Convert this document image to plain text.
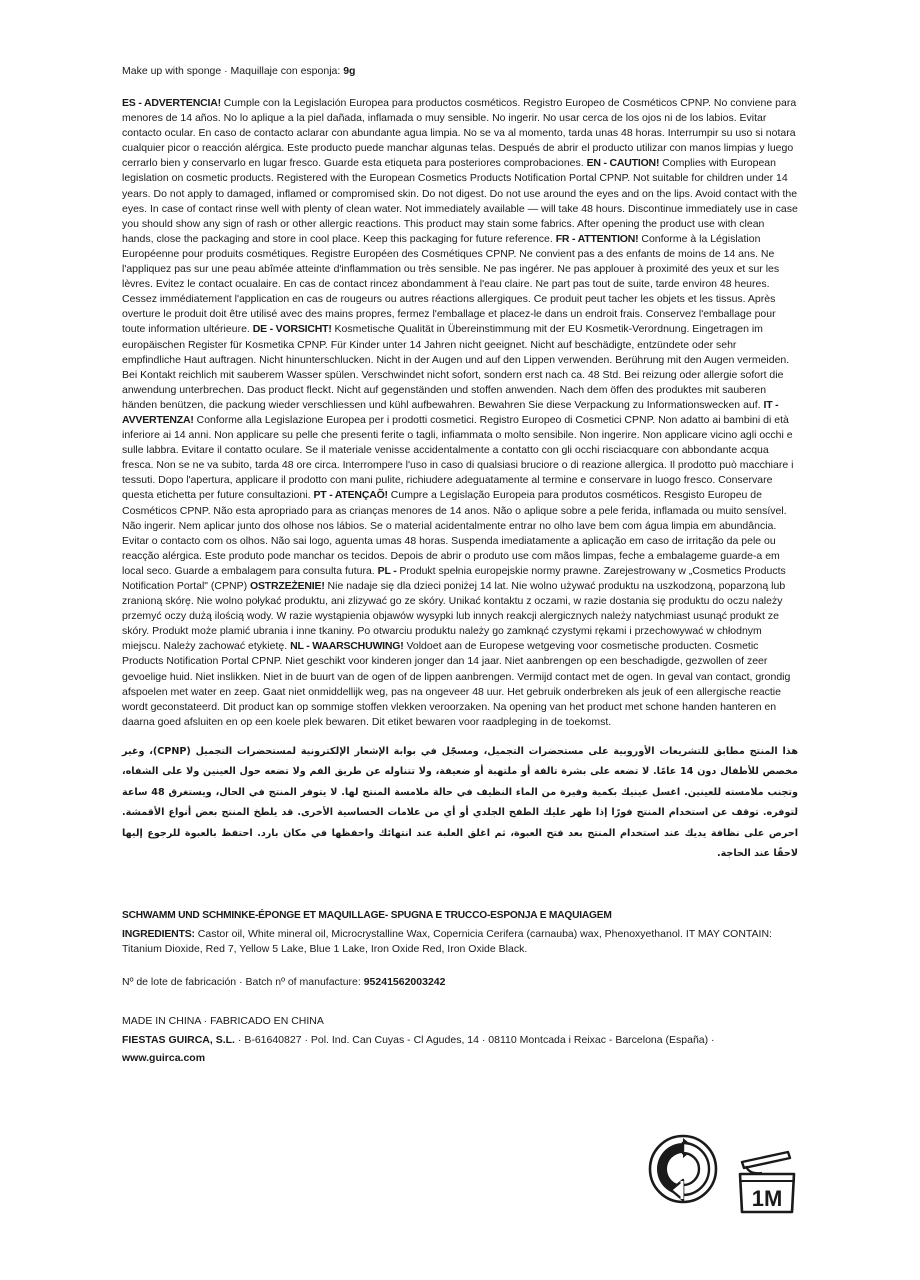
Make up with sponge · Maquillaje con esponja: 9g

ES - ADVERTENCIA! Cumple con la Legislación Europea para productos cosméticos. Registro Europeo de Cosméticos CPNP. No conviene para menores de 14 años. No lo aplique a la piel dañada, inflamada o muy sensible. No ingerir. No usar cerca de los ojos ni de los labios. Evitar contacto ocular. En caso de contacto aclarar con abundante agua limpia. No se va al momento, tarda unas 48 horas. Interrumpir su uso si notara cualquier picor o reacción alérgica. Este producto puede manchar algunas telas. Después de abrir el producto utilizar con manos limpias y luego cerrarlo bien y conservarlo en lugar fresco. Guarde esta etiqueta para posteriores comprobaciones. EN - CAUTION! Complies with European legislation on cosmetic products. Registered with the European Cosmetics Products Notification Portal CPNP. Not suitable for children under 14 years. Do not apply to damaged, inflamed or compromised skin. Do not digest. Do not use around the eyes and on the lips. Avoid contact with the eyes. In case of contact rinse well with plenty of clean water. Not immediately available — will take 48 hours. Discontinue immediately use in case you should show any sign of rash or other allergic reactions. This product may stain some fabrics. After opening the product use with clean hands, close the packaging and store in cool place. Keep this packaging for future reference. FR - ATTENTION! Conforme à la Législation Européenne pour produits cosmétiques. Registre Européen des Cosmétiques CPNP. Ne convient pas a des enfants de moins de 14 ans. Ne l'appliquez pas sur une peau abîmée atteinte d'inflammation ou très sensible. Ne pas ingérer. Ne pas applouer à proximité des yeux et sur les lèvres. Evitez le contact ocualaire. En cas de contact rincez abondamment à l'eau claire. Ne part pas tout de suite, tarde environ 48 heures. Cessez immédiatement l'application en cas de rougeurs ou autres réactions allergiques. Ce produit peut tacher les objets et les tissus. Après overture le produit doit être utilisé avec des mains propres, fermez l'emballage et placez-le dans un endroit frais. Conservez l'emballage pour toute information ultérieure. DE - VORSICHT! Kosmetische Qualität in Übereinstimmung mit der EU Kosmetik-Verordnung. Eingetragen im europäischen Register für Kosmetika CPNP. Für Kinder unter 14 Jahren nicht geeignet. Nicht auf beschädigte, entzündete oder sehr empfindliche Haut auftragen. Nicht hinunterschlucken. Nicht in der Augen und auf den Lippen verwenden. Berührung mit den Augen vermeiden. Bei Kontakt reichlich mit sauberem Wasser spülen. Verschwindet nicht sofort, sondern erst nach ca. 48 Std. Bei reizung oder allergie sofort die anwendung unterbrechen. Das product fleckt. Nicht auf gegenständen und stoffen anwenden. Nach dem öffen des produktes mit sauberen händen benützen, die packung wieder verschliessen und kühl aufbewahren. Bewahren Sie diese Verpackung zu Informationswecken auf. IT - AVVERTENZA! Conforme alla Legislazione Europea per i prodotti cosmetici. Registro Europeo di Cosmetici CPNP. Non adatto ai bambini di età inferiore ai 14 anni. Non applicare su pelle che presenti ferite o tagli, infiammata o molto sensibile. Non ingerire. Non applicare vicino agli occhi e sulle labbra. Evitare il contatto oculare. Se il materiale venisse accidentalmente a contatto con gli occhi risciacquare con abbondante acqua fresca. Non se ne va subito, tarda 48 ore circa. Interrompere l'uso in caso di qualsiasi bruciore o di reazione allergica. Il prodotto può macchiare i tessuti. Dopo l'apertura, applicare il prodotto con mani pulite, richiudere adeguatamente al termine e conservare in luogo fresco. Conservare questa etichetta per future consultazioni. PT - ATENÇAÕ! Cumpre a Legislação Europeia para produtos cosméticos. Resgisto Europeu de Cosméticos CPNP. Não esta apropriado para as crianças menores de 14 anos. Não o aplique sobre a pele ferida, inflamada ou muito sensível. Não ingerir. Nem aplicar junto dos olhose nos lábios. Se o material acidentalmente entrar no olho lave bem com água limpia em abundância. Evitar o contacto com os olhos. Não sai logo, aguenta umas 48 horas. Suspenda imediatamente a aplicação em caso de irritação da pele ou reacção alérgica. Este produto pode manchar os tecidos. Depois de abrir o produto use com mãos limpas, feche a embalageme guarde-a em local seco. Guarde a embalagem para consulta futura. PL - Produkt spełnia europejskie normy prawne. Zarejestrowany w „Cosmetics Products Notification Portal" (CPNP) OSTRZEŻENIE! Nie nadaje się dla dzieci poniżej 14 lat. Nie wolno używać produktu na uszkodzoną, poparzoną lub zranioną skórę. Nie wolno połykać produktu, ani zlizywać go ze skóry. Unikać kontaktu z oczami, w razie dostania się produktu do oczu należy przemyć oczy dużą ilością wody. W razie wystąpienia objawów wysypki lub innych reakcji alergicznych należy natychmiast usunąć produkt ze skóry. Produkt może plamić ubrania i inne tkaniny. Po otwarciu produktu należy go zamknąć czystymi rękami i przechowywać w chłodnym miejscu. Należy zachować etykietę. NL - WAARSCHUWING! Voldoet aan de Europese wetgeving voor cosmetische producten. Cosmetic Products Notification Portal CPNP. Niet geschikt voor kinderen jonger dan 14 jaar. Niet aanbrengen op een beschadigde, gezwollen of zeer gevoelige huid. Niet inslikken. Niet in de buurt van de ogen of de lippen aanbrengen. Vermijd contact met de ogen. In geval van contact, grondig afspoelen met water en zeep. Gaat niet onmiddellijk weg, pas na ongeveer 48 uur. Het gebruik onderbreken als jeuk of een allergische reactie wordt geconstateerd. Dit product kan op sommige stoffen vlekken veroorzaken. Na opening van het product met schone handen hanteren en daarna goed afsluiten en op een koele plek bewaren. Dit etiket bewaren voor raadpleging in de toekomst.

هذا المنتج مطابق للتشريعات الأوروبية على مستحضرات التجميل، ومسجّل في بوابة الإشعار الإلكترونية لمستحضرات التجميل (CPNP)، وغير مخصص للأطفال دون 14 عامًا. لا تضعه على بشرة تالفة أو ملتهبة أو ضعيفة، ولا تتناوله عن طريق الفم ولا تضعه حول العينين ولا على الشفاه، وتجنب ملامسته للعينين. اغسل عينيك بكمية وفيرة من الماء النظيف في حالة ملامسة المنتج لها. لا يتوفر المنتج في الحال، ويستغرق 48 ساعة لتوفره. توقف عن استخدام المنتج فورًا إذا ظهر عليك الطفح الجلدي أو أي من علامات الحساسية الأخرى. قد يلطخ المنتج بعض أنواع الأقمشة. احرص على نظافة يديك عند استخدام المنتج بعد فتح العبوة، ثم اغلق العلبة عند انتهائك واحفظها في مكان بارد. احتفظ بالعبوة للرجوع إليها لاحقًا عند الحاجة.

SCHWAMM UND SCHMINKE-ÉPONGE ET MAQUILLAGE- SPUGNA E TRUCCO-ESPONJA E MAQUIAGEM

INGREDIENTS: Castor oil, White mineral oil, Microcrystalline Wax, Copernicia Cerifera (carnauba) wax, Phenoxyethanol. IT MAY CONTAIN: Titanium Dioxide, Red 7, Yellow 5 Lake, Blue 1 Lake, Iron Oxide Red, Iron Oxide Black.

Nº de lote de fabricación · Batch nº of manufacture: 95241562003242

MADE IN CHINA · FABRICADO EN CHINA
FIESTAS GUIRCA, S.L. · B-61640827 · Pol. Ind. Can Cuyas - Cl Agudes, 14 · 08110 Montcada i Reixac - Barcelona (España) ·
www.guirca.com
1M
